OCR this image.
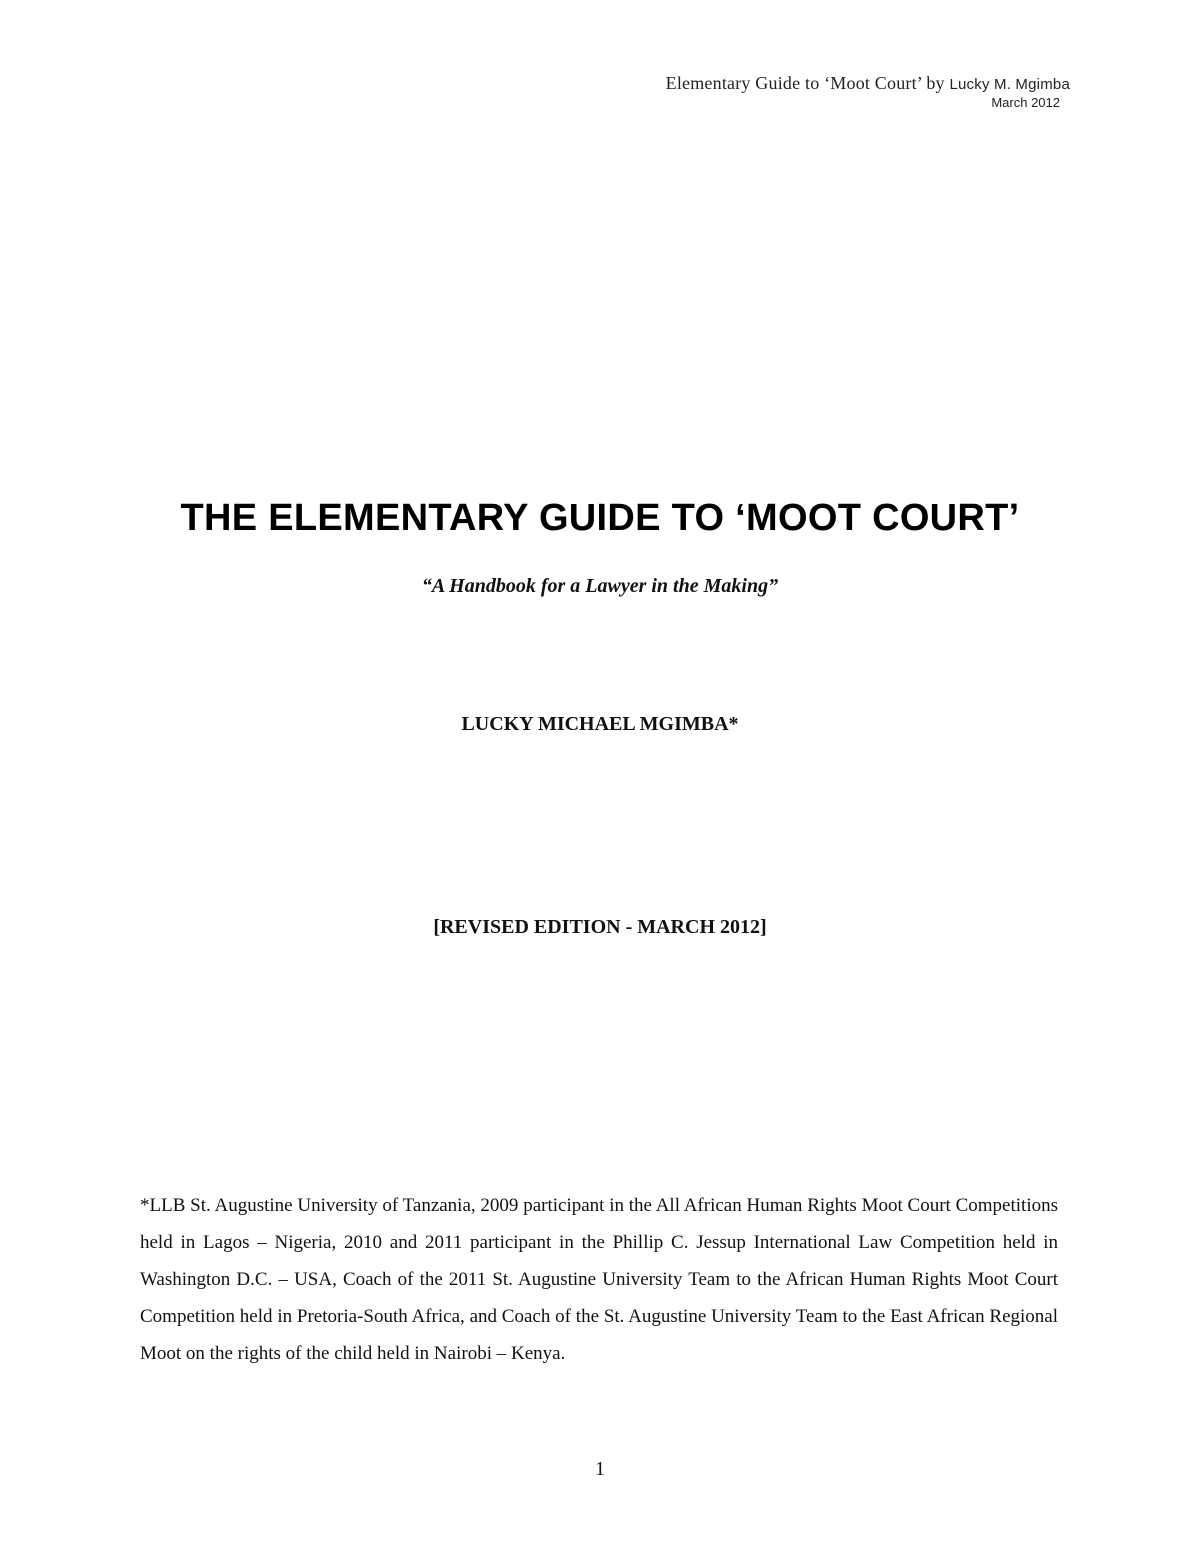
Elementary Guide to ‘Moot Court’ by Lucky M. Mgimba
March 2012
THE ELEMENTARY GUIDE TO ‘MOOT COURT’
“A Handbook for a Lawyer in the Making”
LUCKY MICHAEL MGIMBA*
[REVISED EDITION - MARCH 2012]
*LLB St. Augustine University of Tanzania, 2009 participant in the All African Human Rights Moot Court Competitions held in Lagos – Nigeria, 2010 and 2011 participant in the Phillip C. Jessup International Law Competition held in Washington D.C. – USA, Coach of the 2011 St. Augustine University Team to the African Human Rights Moot Court Competition held in Pretoria-South Africa, and Coach of the St. Augustine University Team to the East African Regional Moot on the rights of the child held in Nairobi – Kenya.
1
